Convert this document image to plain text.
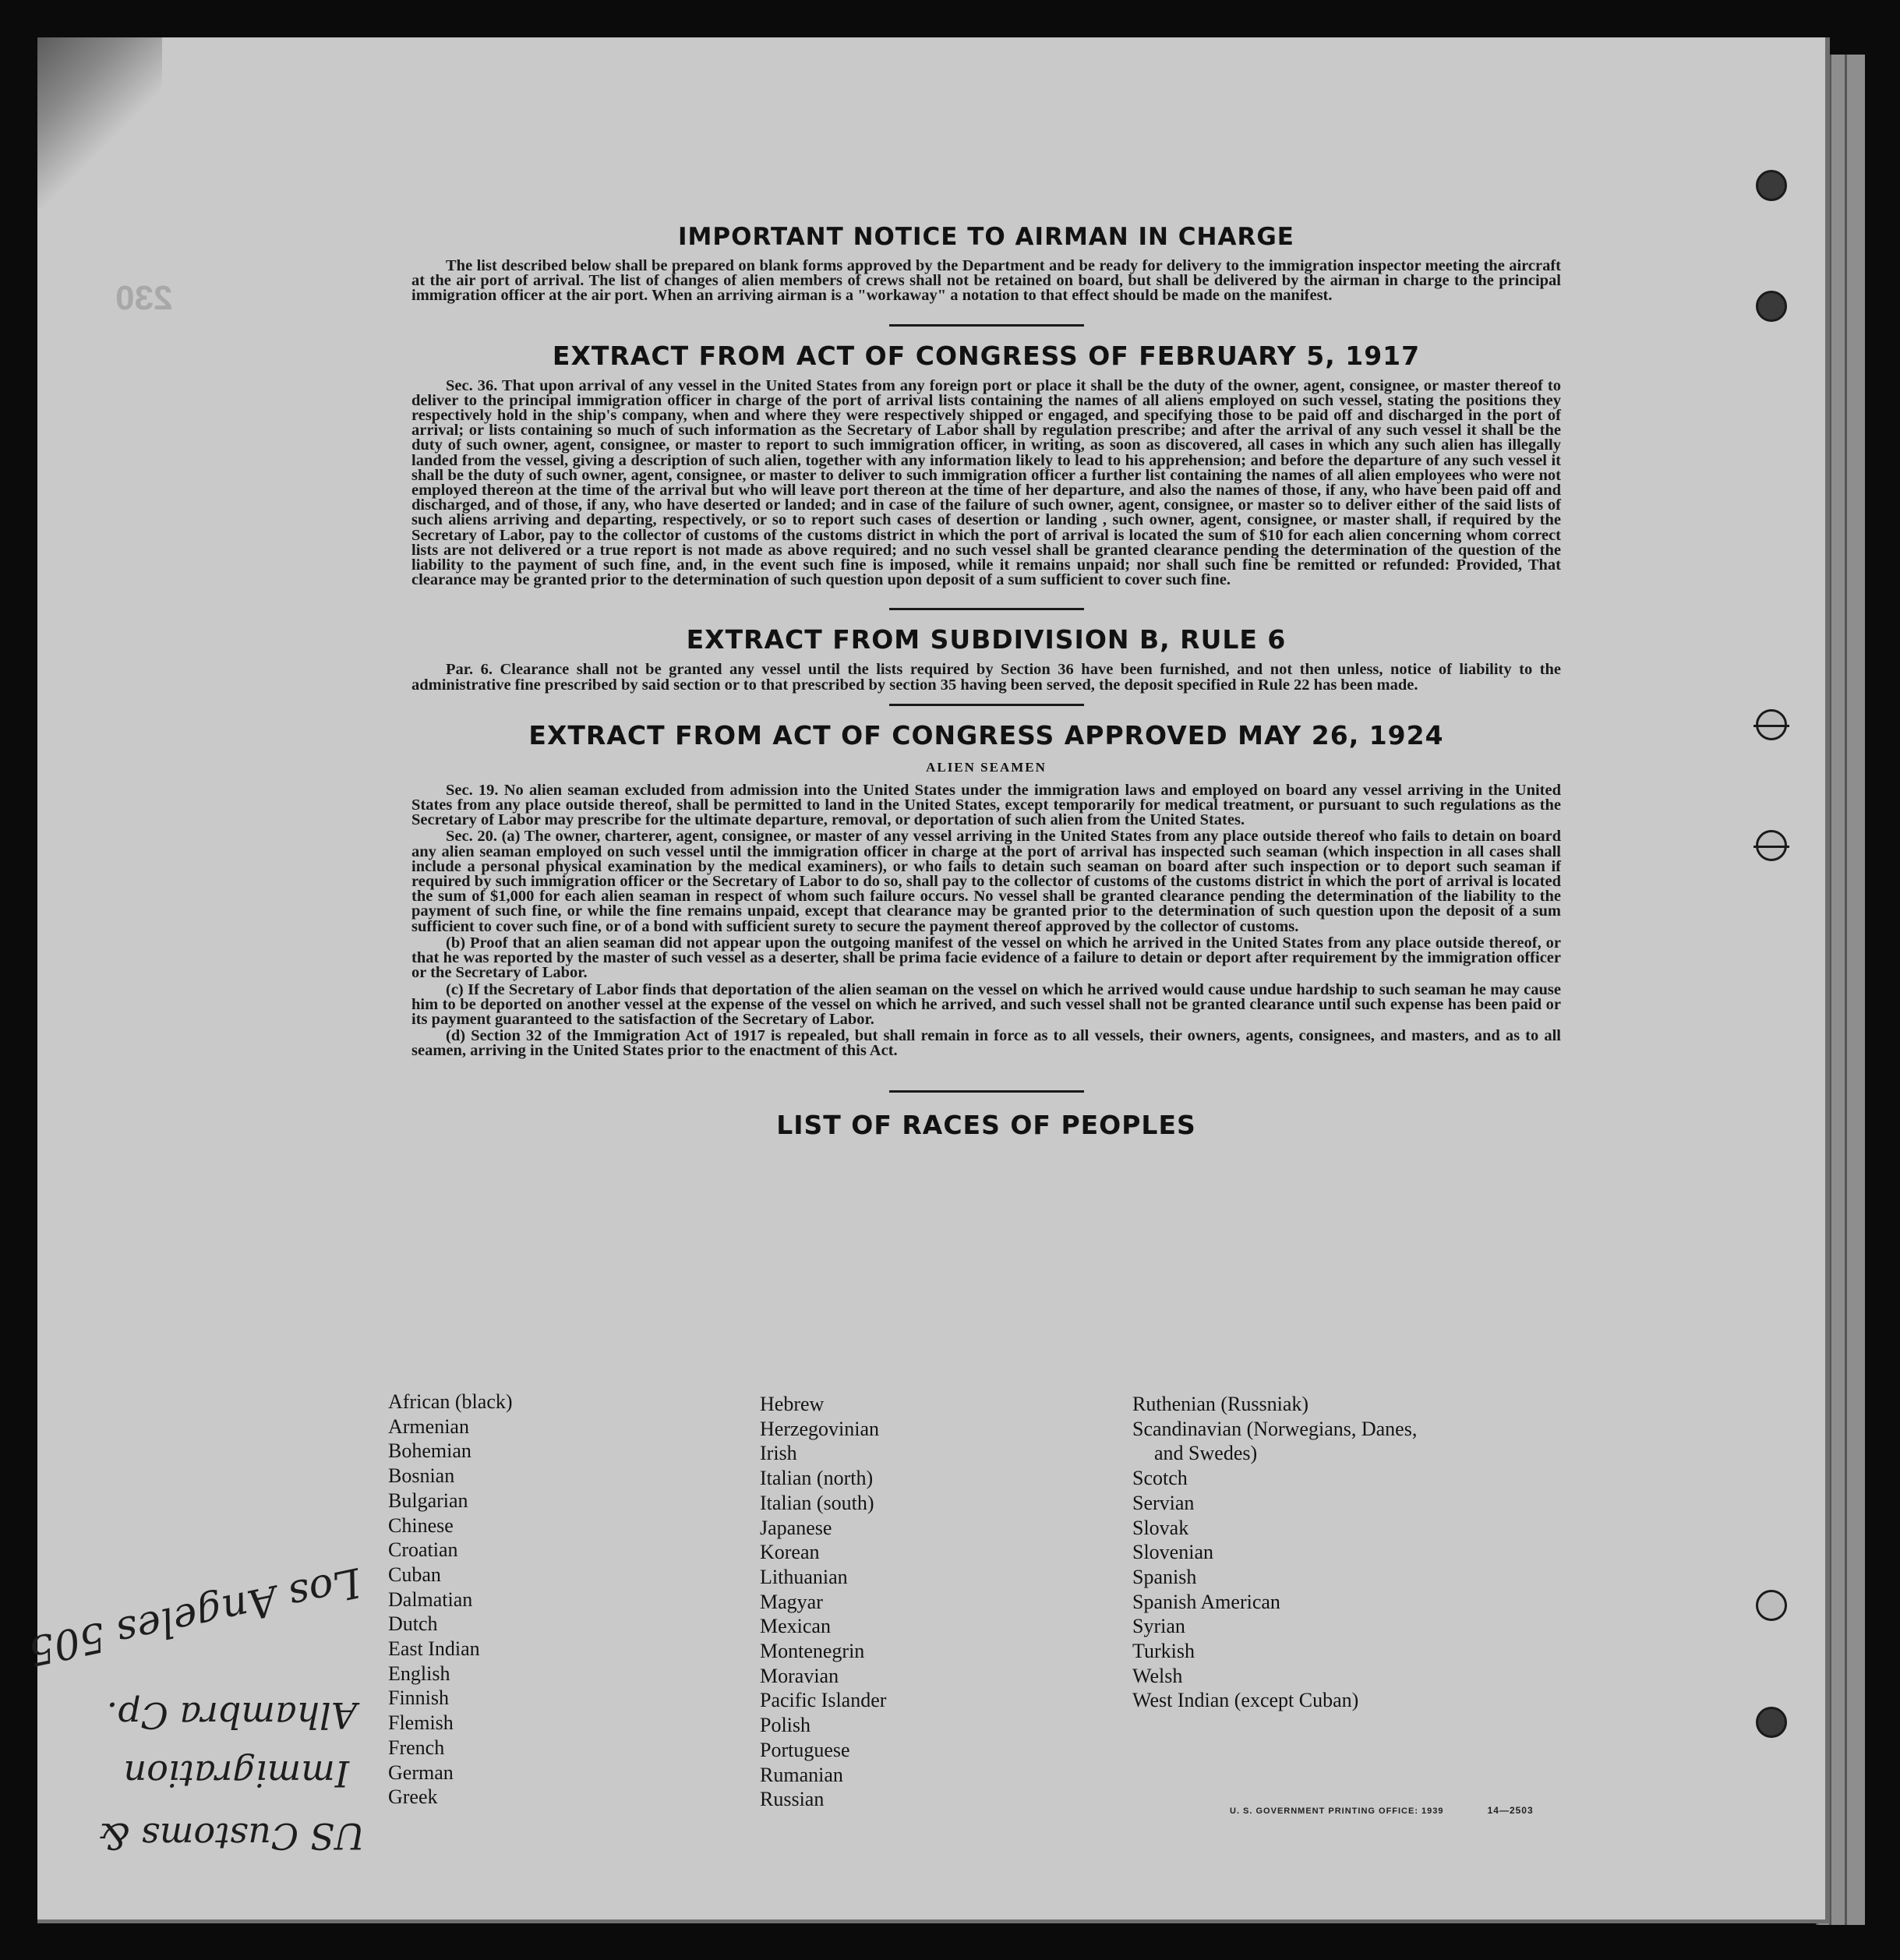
230
IMPORTANT NOTICE TO AIRMAN IN CHARGE

The list described below shall be prepared on blank forms approved by the Department and be ready for delivery to the immigration inspector meeting the aircraft at the air port of arrival. The list of changes of alien members of crews shall not be retained on board, but shall be delivered by the airman in charge to the principal immigration officer at the air port. When an arriving airman is a "workaway" a notation to that effect should be made on the manifest.

EXTRACT FROM ACT OF CONGRESS OF FEBRUARY 5, 1917

Sec. 36. That upon arrival of any vessel in the United States from any foreign port or place it shall be the duty of the owner, agent, consignee, or master thereof to deliver to the principal immigration officer in charge of the port of arrival lists containing the names of all aliens employed on such vessel, stating the positions they respectively hold in the ship's company, when and where they were respectively shipped or engaged, and specifying those to be paid off and discharged in the port of arrival; or lists containing so much of such information as the Secretary of Labor shall by regulation prescribe; and after the arrival of any such vessel it shall be the duty of such owner, agent, consignee, or master to report to such immigration officer, in writing, as soon as discovered, all cases in which any such alien has illegally landed from the vessel, giving a description of such alien, together with any information likely to lead to his apprehension; and before the departure of any such vessel it shall be the duty of such owner, agent, consignee, or master to deliver to such immigration officer a further list containing the names of all alien employees who were not employed thereon at the time of the arrival but who will leave port thereon at the time of her departure, and also the names of those, if any, who have been paid off and discharged, and of those, if any, who have deserted or landed; and in case of the failure of such owner, agent, consignee, or master so to deliver either of the said lists of such aliens arriving and departing, respectively, or so to report such cases of desertion or landing , such owner, agent, consignee, or master shall, if required by the Secretary of Labor, pay to the collector of customs of the customs district in which the port of arrival is located the sum of $10 for each alien concerning whom correct lists are not delivered or a true report is not made as above required; and no such vessel shall be granted clearance pending the determination of the question of the liability to the payment of such fine, and, in the event such fine is imposed, while it remains unpaid; nor shall such fine be remitted or refunded: Provided, That clearance may be granted prior to the determination of such question upon deposit of a sum sufficient to cover such fine.

EXTRACT FROM SUBDIVISION B, RULE 6

Par. 6. Clearance shall not be granted any vessel until the lists required by Section 36 have been furnished, and not then unless, notice of liability to the administrative fine prescribed by said section or to that prescribed by section 35 having been served, the deposit specified in Rule 22 has been made.

EXTRACT FROM ACT OF CONGRESS APPROVED MAY 26, 1924
ALIEN SEAMEN

Sec. 19. No alien seaman excluded from admission into the United States under the immigration laws and employed on board any vessel arriving in the United States from any place outside thereof, shall be permitted to land in the United States, except temporarily for medical treatment, or pursuant to such regulations as the Secretary of Labor may prescribe for the ultimate departure, removal, or deportation of such alien from the United States.

Sec. 20. (a) The owner, charterer, agent, consignee, or master of any vessel arriving in the United States from any place outside thereof who fails to detain on board any alien seaman employed on such vessel until the immigration officer in charge at the port of arrival has inspected such seaman (which inspection in all cases shall include a personal physical examination by the medical examiners), or who fails to detain such seaman on board after such inspection or to deport such seaman if required by such immigration officer or the Secretary of Labor to do so, shall pay to the collector of customs of the customs district in which the port of arrival is located the sum of $1,000 for each alien seaman in respect of whom such failure occurs. No vessel shall be granted clearance pending the determination of the liability to the payment of such fine, or while the fine remains unpaid, except that clearance may be granted prior to the determination of such question upon the deposit of a sum sufficient to cover such fine, or of a bond with sufficient surety to secure the payment thereof approved by the collector of customs.

(b) Proof that an alien seaman did not appear upon the outgoing manifest of the vessel on which he arrived in the United States from any place outside thereof, or that he was reported by the master of such vessel as a deserter, shall be prima facie evidence of a failure to detain or deport after requirement by the immigration officer or the Secretary of Labor.

(c) If the Secretary of Labor finds that deportation of the alien seaman on the vessel on which he arrived would cause undue hardship to such seaman he may cause him to be deported on another vessel at the expense of the vessel on which he arrived, and such vessel shall not be granted clearance until such expense has been paid or its payment guaranteed to the satisfaction of the Secretary of Labor.

(d) Section 32 of the Immigration Act of 1917 is repealed, but shall remain in force as to all vessels, their owners, agents, consignees, and masters, and as to all seamen, arriving in the United States prior to the enactment of this Act.

LIST OF RACES OF PEOPLES
African (black)
Armenian
Bohemian
Bosnian
Bulgarian
Chinese
Croatian
Cuban
Dalmatian
Dutch
East Indian
English
Finnish
Flemish
French
German
Greek
Hebrew
Herzegovinian
Irish
Italian (north)
Italian (south)
Japanese
Korean
Lithuanian
Magyar
Mexican
Montenegrin
Moravian
Pacific Islander
Polish
Portuguese
Rumanian
Russian
Ruthenian (Russniak)
Scandinavian (Norwegians, Danes,
and Swedes)
Scotch
Servian
Slovak
Slovenian
Spanish
Spanish American
Syrian
Turkish
Welsh
West Indian (except Cuban)
U. S. GOVERNMENT PRINTING OFFICE: 1939	14—2503
Los Angeles 505
US Customs &
Immigration
Alhambra Cp.
